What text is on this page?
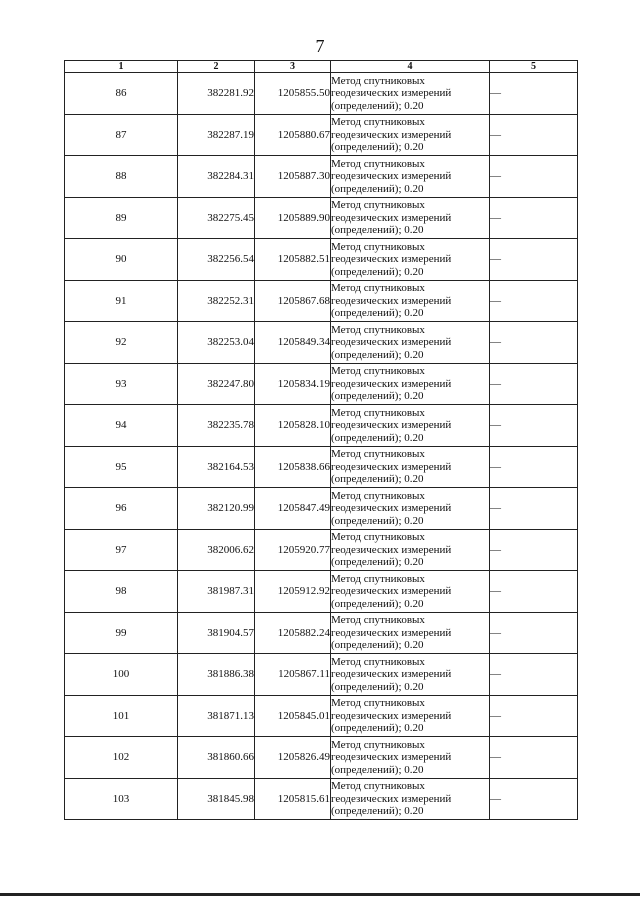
7
1	2	3	4	5
86	382281.92	1205855.50	Метод спутниковых
геодезических измерений
(определений); 0.20	—
87	382287.19	1205880.67	Метод спутниковых
геодезических измерений
(определений); 0.20	—
88	382284.31	1205887.30	Метод спутниковых
геодезических измерений
(определений); 0.20	—
89	382275.45	1205889.90	Метод спутниковых
геодезических измерений
(определений); 0.20	—
90	382256.54	1205882.51	Метод спутниковых
геодезических измерений
(определений); 0.20	—
91	382252.31	1205867.68	Метод спутниковых
геодезических измерений
(определений); 0.20	—
92	382253.04	1205849.34	Метод спутниковых
геодезических измерений
(определений); 0.20	—
93	382247.80	1205834.19	Метод спутниковых
геодезических измерений
(определений); 0.20	—
94	382235.78	1205828.10	Метод спутниковых
геодезических измерений
(определений); 0.20	—
95	382164.53	1205838.66	Метод спутниковых
геодезических измерений
(определений); 0.20	—
96	382120.99	1205847.49	Метод спутниковых
геодезических измерений
(определений); 0.20	—
97	382006.62	1205920.77	Метод спутниковых
геодезических измерений
(определений); 0.20	—
98	381987.31	1205912.92	Метод спутниковых
геодезических измерений
(определений); 0.20	—
99	381904.57	1205882.24	Метод спутниковых
геодезических измерений
(определений); 0.20	—
100	381886.38	1205867.11	Метод спутниковых
геодезических измерений
(определений); 0.20	—
101	381871.13	1205845.01	Метод спутниковых
геодезических измерений
(определений); 0.20	—
102	381860.66	1205826.49	Метод спутниковых
геодезических измерений
(определений); 0.20	—
103	381845.98	1205815.61	Метод спутниковых
геодезических измерений
(определений); 0.20	—
